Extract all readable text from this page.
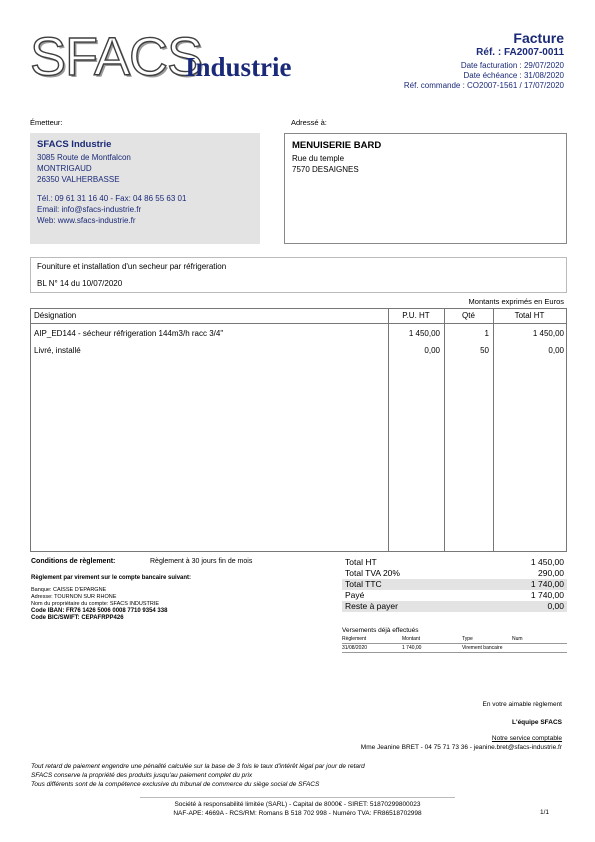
SFACS
Industrie
Facture
Réf. : FA2007-0011
Date facturation : 29/07/2020
Date échéance : 31/08/2020
Réf. commande : CO2007-1561 / 17/07/2020
Émetteur:
SFACS Industrie
3085 Route de Montfalcon
MONTRIGAUD
26350 VALHERBASSE
Tél.: 09 61 31 16 40 - Fax: 04 86 55 63 01
Email: info@sfacs-industrie.fr
Web: www.sfacs-industrie.fr
Adressé à:
MENUISERIE BARD
Rue du temple
7570 DESAIGNES
Founiture et installation d'un secheur par réfrigeration
BL N° 14 du 10/07/2020
Montants exprimés en Euros
Désignation	P.U. HT	Qté	Total HT
AIP_ED144 - sécheur réfrigeration 144m3/h racc 3/4"	1 450,00	1	1 450,00
Livré, installé	0,00	50	0,00
Conditions de règlement:	Règlement à 30 jours fin de mois
Règlement par virement sur le compte bancaire suivant:
Banque: CAISSE D'EPARGNE
Adresse: TOURNON SUR RHONE
Nom du propriétaire du compte: SFACS INDUSTRIE
Code IBAN: FR76 1426 5006 0008 7710 9354 338
Code BIC/SWIFT: CEPAFRPP426
Total HT	1 450,00
Total TVA 20%	290,00
Total TTC	1 740,00
Payé	1 740,00
Reste à payer	0,00
Versements déjà effectués
Règlement	Montant	Type	Num
31/08/2020	1 740,00	Virement bancaire
En votre aimable règlement
L'équipe SFACS
Notre service comptable
Mme Jeanine BRET - 04 75 71 73 36 - jeanine.bret@sfacs-industrie.fr
Tout retard de paiement engendre une pénalité calculée sur la base de 3 fois le taux d'intérêt légal par jour de retard
SFACS conserve la propriété des produits jusqu'au paiement complet du prix
Tous différents sont de la compétence exclusive du tribunal de commerce du siège social de SFACS
Société à responsabilité limitée (SARL) - Capital de 8000€ - SIRET: 51870299800023
NAF-APE: 4669A - RCS/RM: Romans B 518 702 998 - Numéro TVA: FR86518702998	1/1
